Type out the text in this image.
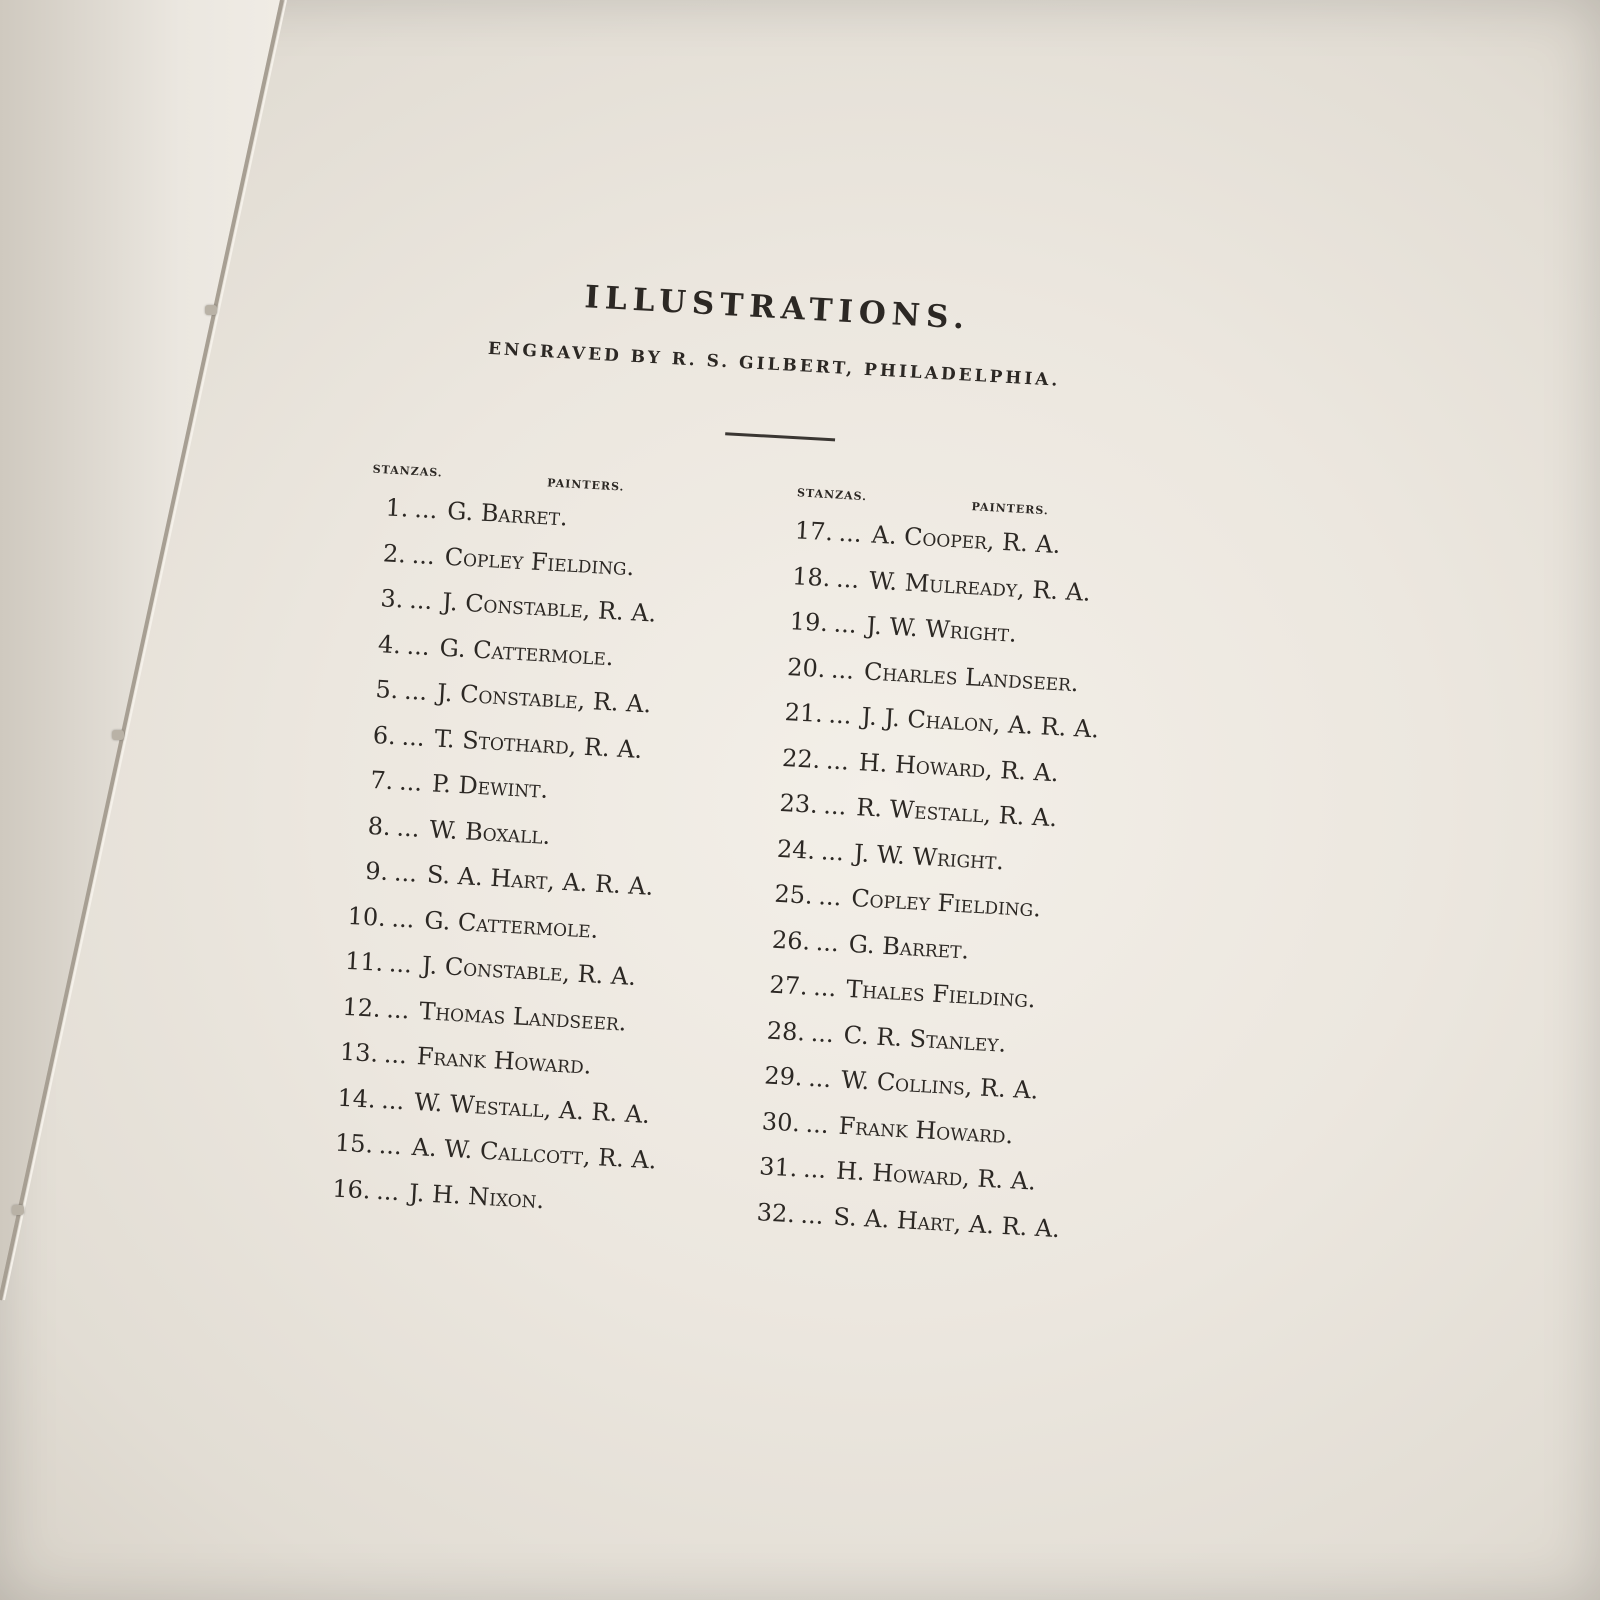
ILLUSTRATIONS.
ENGRAVED BY R. S. GILBERT, PHILADELPHIA.
STANZAS.
PAINTERS.
1. ... G. Barret.
2. ... Copley Fielding.
3. ... J. Constable, R. A.
4. ... G. Cattermole.
5. ... J. Constable, R. A.
6. ... T. Stothard, R. A.
7. ... P. Dewint.
8. ... W. Boxall.
9. ... S. A. Hart, A. R. A.
10. ... G. Cattermole.
11. ... J. Constable, R. A.
12. ... Thomas Landseer.
13. ... Frank Howard.
14. ... W. Westall, A. R. A.
15. ... A. W. Callcott, R. A.
16. ... J. H. Nixon.
STANZAS.
PAINTERS.
17. ... A. Cooper, R. A.
18. ... W. Mulready, R. A.
19. ... J. W. Wright.
20. ... Charles Landseer.
21. ... J. J. Chalon, A. R. A.
22. ... H. Howard, R. A.
23. ... R. Westall, R. A.
24. ... J. W. Wright.
25. ... Copley Fielding.
26. ... G. Barret.
27. ... Thales Fielding.
28. ... C. R. Stanley.
29. ... W. Collins, R. A.
30. ... Frank Howard.
31. ... H. Howard, R. A.
32. ... S. A. Hart, A. R. A.
